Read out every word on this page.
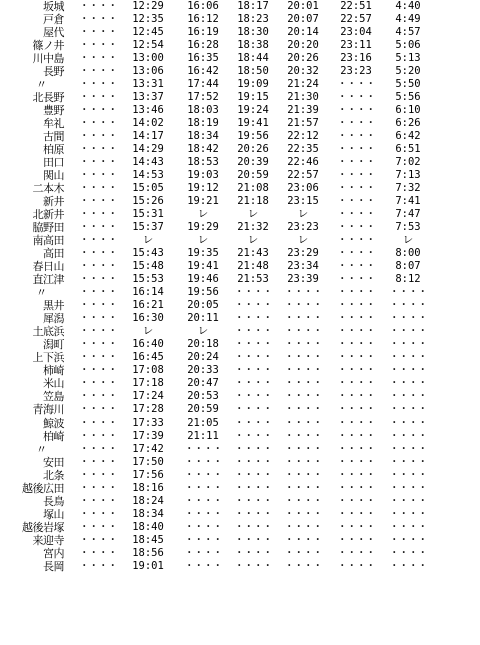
坂城 ・・・・	12:29	16:06	18:17	20:01	22:51	4:40
戸倉 ・・・・	12:35	16:12	18:23	20:07	22:57	4:49
屋代 ・・・・	12:45	16:19	18:30	20:14	23:04	4:57
篠ノ井 ・・・・	12:54	16:28	18:38	20:20	23:11	5:06
川中島 ・・・・	13:00	16:35	18:44	20:26	23:16	5:13
長野 ・・・・	13:06	16:42	18:50	20:32	23:23	5:20
〃	・・・・	13:31	17:44	19:09	21:24	・・・・	5:50
北長野 ・・・・	13:37	17:52	19:15	21:30	・・・・	5:56
豊野 ・・・・	13:46	18:03	19:24	21:39	・・・・	6:10
牟礼 ・・・・	14:02	18:19	19:41	21:57	・・・・	6:26
古間 ・・・・	14:17	18:34	19:56	22:12	・・・・	6:42
柏原 ・・・・	14:29	18:42	20:26	22:35	・・・・	6:51
田口 ・・・・	14:43	18:53	20:39	22:46	・・・・	7:02
関山 ・・・・	14:53	19:03	20:59	22:57	・・・・	7:13
二本木 ・・・・	15:05	19:12	21:08	23:06	・・・・	7:32
新井 ・・・・	15:26	19:21	21:18	23:15	・・・・	7:41
北新井 ・・・・	15:31	レ	レ	レ	・・・・	7:47
脇野田 ・・・・	15:37	19:29	21:32	23:23	・・・・	7:53
南高田 ・・・・	レ	レ	レ	レ	・・・・	レ
高田 ・・・・	15:43	19:35	21:43	23:29	・・・・	8:00
春日山 ・・・・	15:48	19:41	21:48	23:34	・・・・	8:07
直江津 ・・・・	15:53	19:46	21:53	23:39	・・・・	8:12
〃	・・・・	16:14	19:56	・・・・ ・・・・ ・・・・ ・・・・
黒井 ・・・・	16:21	20:05	・・・・ ・・・・ ・・・・ ・・・・
犀潟 ・・・・	16:30	20:11	・・・・ ・・・・ ・・・・ ・・・・
土底浜 ・・・・	レ	レ	・・・・ ・・・・ ・・・・ ・・・・
潟町 ・・・・	16:40	20:18	・・・・ ・・・・ ・・・・ ・・・・
上下浜 ・・・・	16:45	20:24	・・・・ ・・・・ ・・・・ ・・・・
柿崎 ・・・・	17:08	20:33	・・・・ ・・・・ ・・・・ ・・・・
米山 ・・・・	17:18	20:47	・・・・ ・・・・ ・・・・ ・・・・
笠島 ・・・・	17:24	20:53	・・・・ ・・・・ ・・・・ ・・・・
青海川 ・・・・	17:28	20:59	・・・・ ・・・・ ・・・・ ・・・・
鯨波 ・・・・	17:33	21:05	・・・・ ・・・・ ・・・・ ・・・・
柏崎 ・・・・	17:39	21:11	・・・・ ・・・・ ・・・・ ・・・・
〃	・・・・	17:42	・・・・ ・・・・ ・・・・ ・・・・ ・・・・
安田 ・・・・	17:50	・・・・ ・・・・ ・・・・ ・・・・ ・・・・
北条 ・・・・	17:56	・・・・ ・・・・ ・・・・ ・・・・ ・・・・
越後広田 ・・・・	18:16	・・・・ ・・・・ ・・・・ ・・・・ ・・・・
長鳥 ・・・・	18:24	・・・・ ・・・・ ・・・・ ・・・・ ・・・・
塚山 ・・・・	18:34	・・・・ ・・・・ ・・・・ ・・・・ ・・・・
越後岩塚 ・・・・	18:40	・・・・ ・・・・ ・・・・ ・・・・ ・・・・
来迎寺 ・・・・	18:45	・・・・ ・・・・ ・・・・ ・・・・ ・・・・
宮内 ・・・・	18:56	・・・・ ・・・・ ・・・・ ・・・・ ・・・・
長岡 ・・・・	19:01	・・・・ ・・・・ ・・・・ ・・・・ ・・・・
